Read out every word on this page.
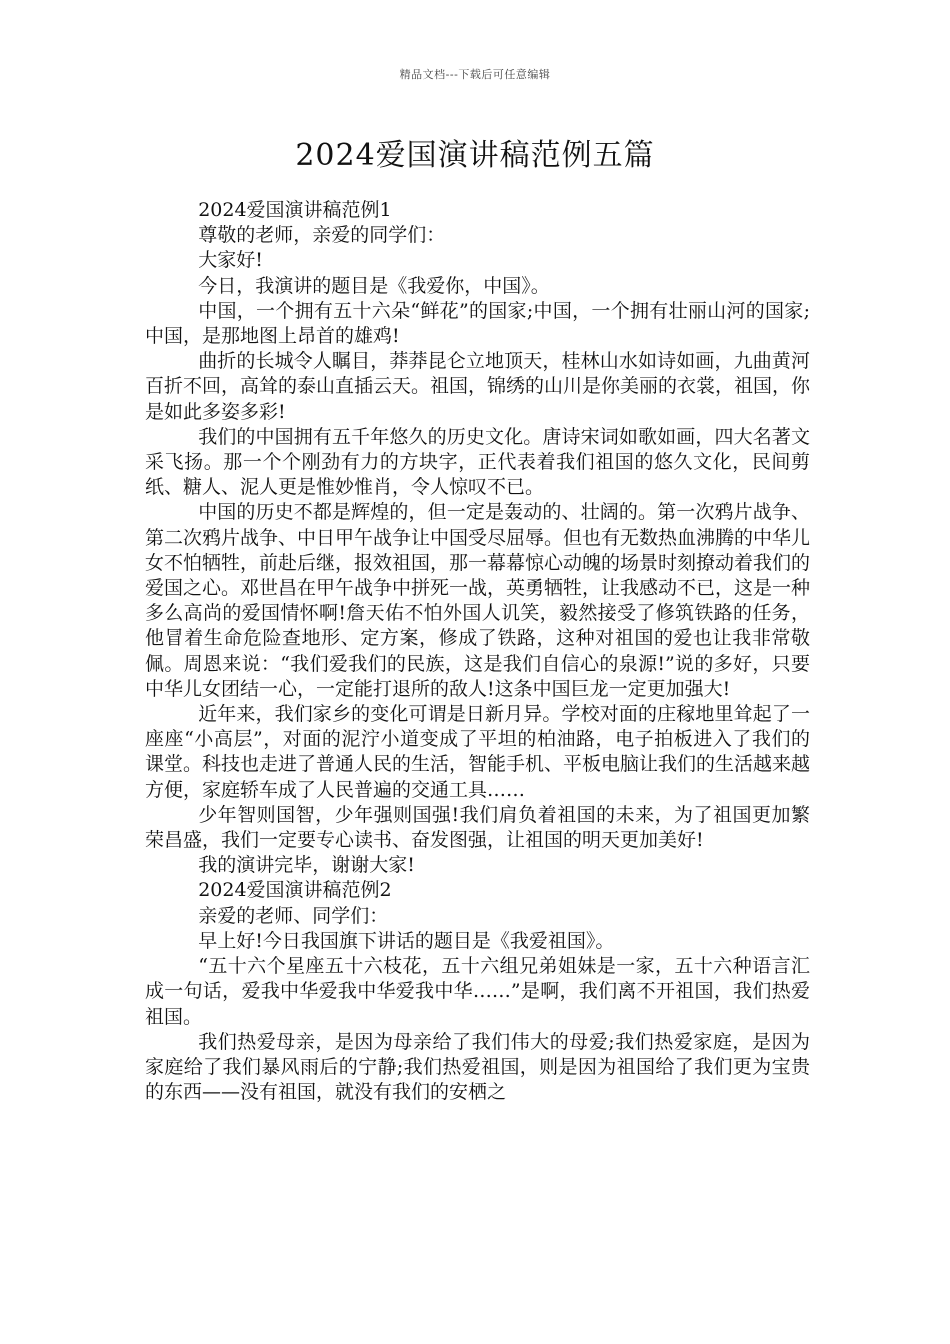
精品文档---下载后可任意编辑
2024爱国演讲稿范例五篇

2024爱国演讲稿范例1

尊敬的老师，亲爱的同学们：

大家好!

今日，我演讲的题目是《我爱你，中国》。

中国，一个拥有五十六朵“鲜花”的国家;中国，一个拥有壮丽山河的国家;中国，是那地图上昂首的雄鸡!

曲折的长城令人瞩目，莽莽昆仑立地顶天，桂林山水如诗如画，九曲黄河百折不回，高耸的泰山直插云天。祖国，锦绣的山川是你美丽的衣裳，祖国，你是如此多姿多彩!

我们的中国拥有五千年悠久的历史文化。唐诗宋词如歌如画，四大名著文采飞扬。那一个个刚劲有力的方块字，正代表着我们祖国的悠久文化，民间剪纸、糖人、泥人更是惟妙惟肖，令人惊叹不已。

中国的历史不都是辉煌的，但一定是轰动的、壮阔的。第一次鸦片战争、第二次鸦片战争、中日甲午战争让中国受尽屈辱。但也有无数热血沸腾的中华儿女不怕牺牲，前赴后继，报效祖国，那一幕幕惊心动魄的场景时刻撩动着我们的爱国之心。邓世昌在甲午战争中拼死一战，英勇牺牲，让我感动不已，这是一种多么高尚的爱国情怀啊!詹天佑不怕外国人讥笑，毅然接受了修筑铁路的任务，他冒着生命危险查地形、定方案，修成了铁路，这种对祖国的爱也让我非常敬佩。周恩来说：“我们爱我们的民族，这是我们自信心的泉源!”说的多好，只要中华儿女团结一心，一定能打退所的敌人!这条中国巨龙一定更加强大!

近年来，我们家乡的变化可谓是日新月异。学校对面的庄稼地里耸起了一座座“小高层”，对面的泥泞小道变成了平坦的柏油路，电子拍板进入了我们的课堂。科技也走进了普通人民的生活，智能手机、平板电脑让我们的生活越来越方便，家庭轿车成了人民普遍的交通工具……

少年智则国智，少年强则国强!我们肩负着祖国的未来，为了祖国更加繁荣昌盛，我们一定要专心读书、奋发图强，让祖国的明天更加美好!

我的演讲完毕，谢谢大家!

2024爱国演讲稿范例2

亲爱的老师、同学们：

早上好!今日我国旗下讲话的题目是《我爱祖国》。

“五十六个星座五十六枝花，五十六组兄弟姐妹是一家，五十六种语言汇成一句话，爱我中华爱我中华爱我中华……”是啊，我们离不开祖国，我们热爱祖国。

我们热爱母亲，是因为母亲给了我们伟大的母爱;我们热爱家庭，是因为家庭给了我们暴风雨后的宁静;我们热爱祖国，则是因为祖国给了我们更为宝贵的东西——没有祖国，就没有我们的安栖之
